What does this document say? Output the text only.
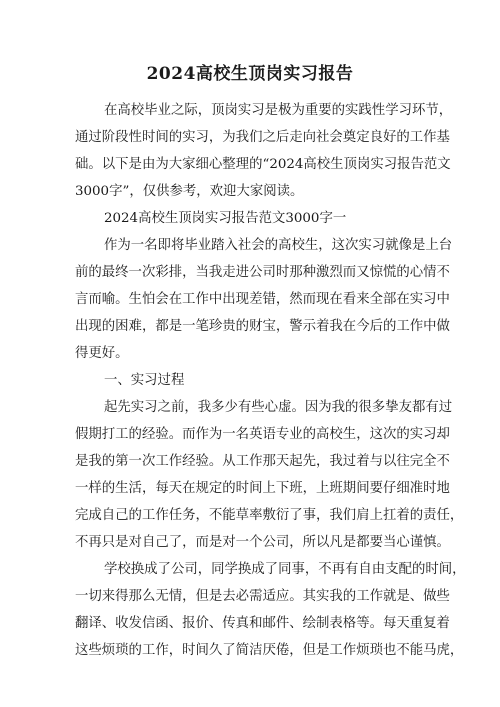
2024高校生顶岗实习报告
在高校毕业之际，顶岗实习是极为重要的实践性学习环节，
通过阶段性时间的实习，为我们之后走向社会奠定良好的工作基
础。以下是由为大家细心整理的“2024高校生顶岗实习报告范文
3000字”，仅供参考，欢迎大家阅读。
2024高校生顶岗实习报告范文3000字一
作为一名即将毕业踏入社会的高校生，这次实习就像是上台
前的最终一次彩排，当我走进公司时那种激烈而又惊慌的心情不
言而喻。生怕会在工作中出现差错，然而现在看来全部在实习中
出现的困难，都是一笔珍贵的财宝，警示着我在今后的工作中做
得更好。
一、实习过程
起先实习之前，我多少有些心虚。因为我的很多挚友都有过
假期打工的经验。而作为一名英语专业的高校生，这次的实习却
是我的第一次工作经验。从工作那天起先，我过着与以往完全不
一样的生活，每天在规定的时间上下班，上班期间要仔细准时地
完成自己的工作任务，不能草率敷衍了事，我们肩上扛着的责任，
不再只是对自己了，而是对一个公司，所以凡是都要当心谨慎。
学校换成了公司，同学换成了同事，不再有自由支配的时间，
一切来得那么无情，但是去必需适应。其实我的工作就是、做些
翻译、收发信函、报价、传真和邮件、绘制表格等。每天重复着
这些烦琐的工作，时间久了简洁厌倦，但是工作烦琐也不能马虎，
